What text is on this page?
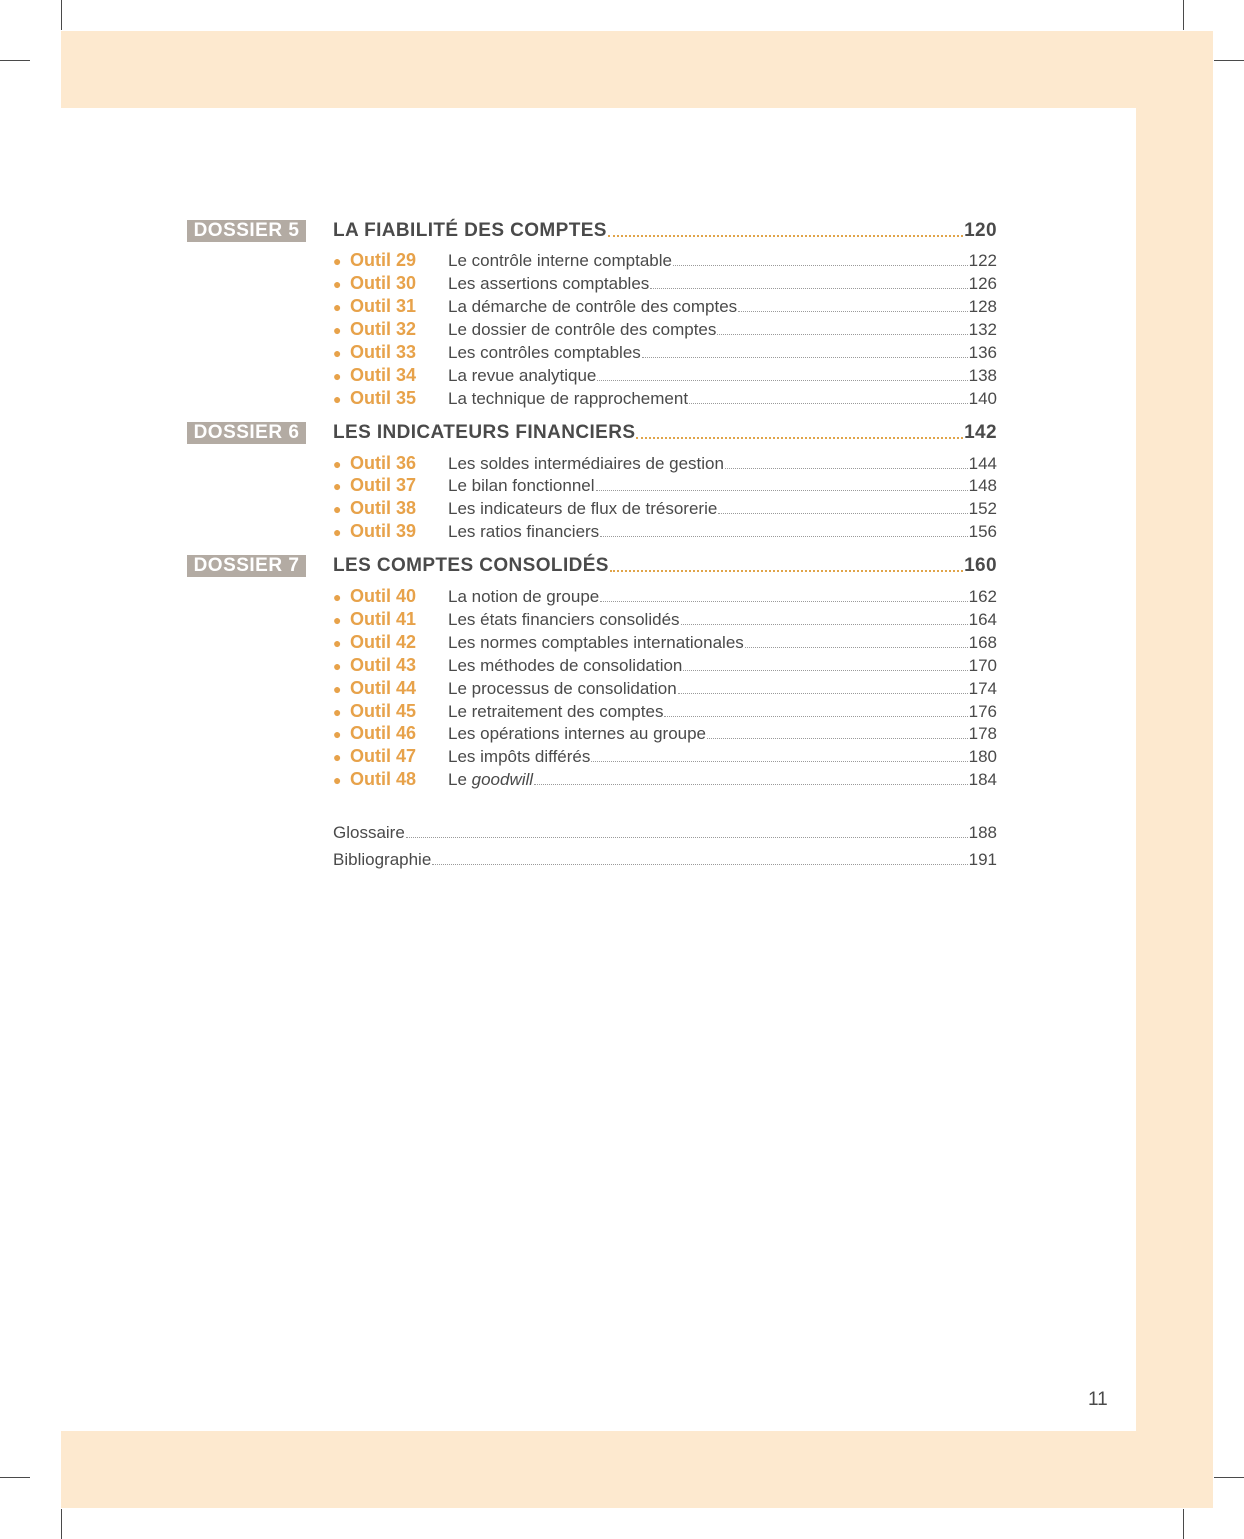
DOSSIER 5	LA FIABILITÉ DES COMPTES	120
● Outil 29 Le contrôle interne comptable	122
● Outil 30 Les assertions comptables	126
● Outil 31 La démarche de contrôle des comptes	128
● Outil 32 Le dossier de contrôle des comptes	132
● Outil 33 Les contrôles comptables	136
● Outil 34 La revue analytique	138
● Outil 35 La technique de rapprochement	140
DOSSIER 6	LES INDICATEURS FINANCIERS	142
● Outil 36 Les soldes intermédiaires de gestion	144
● Outil 37 Le bilan fonctionnel	148
● Outil 38 Les indicateurs de flux de trésorerie	152
● Outil 39 Les ratios financiers	156
DOSSIER 7	LES COMPTES CONSOLIDÉS	160
● Outil 40 La notion de groupe	162
● Outil 41 Les états financiers consolidés	164
● Outil 42 Les normes comptables internationales	168
● Outil 43 Les méthodes de consolidation	170
● Outil 44 Le processus de consolidation	174
● Outil 45 Le retraitement des comptes	176
● Outil 46 Les opérations internes au groupe	178
● Outil 47 Les impôts différés	180
● Outil 48 Le goodwill	184
Glossaire	188
Bibliographie	191
11
